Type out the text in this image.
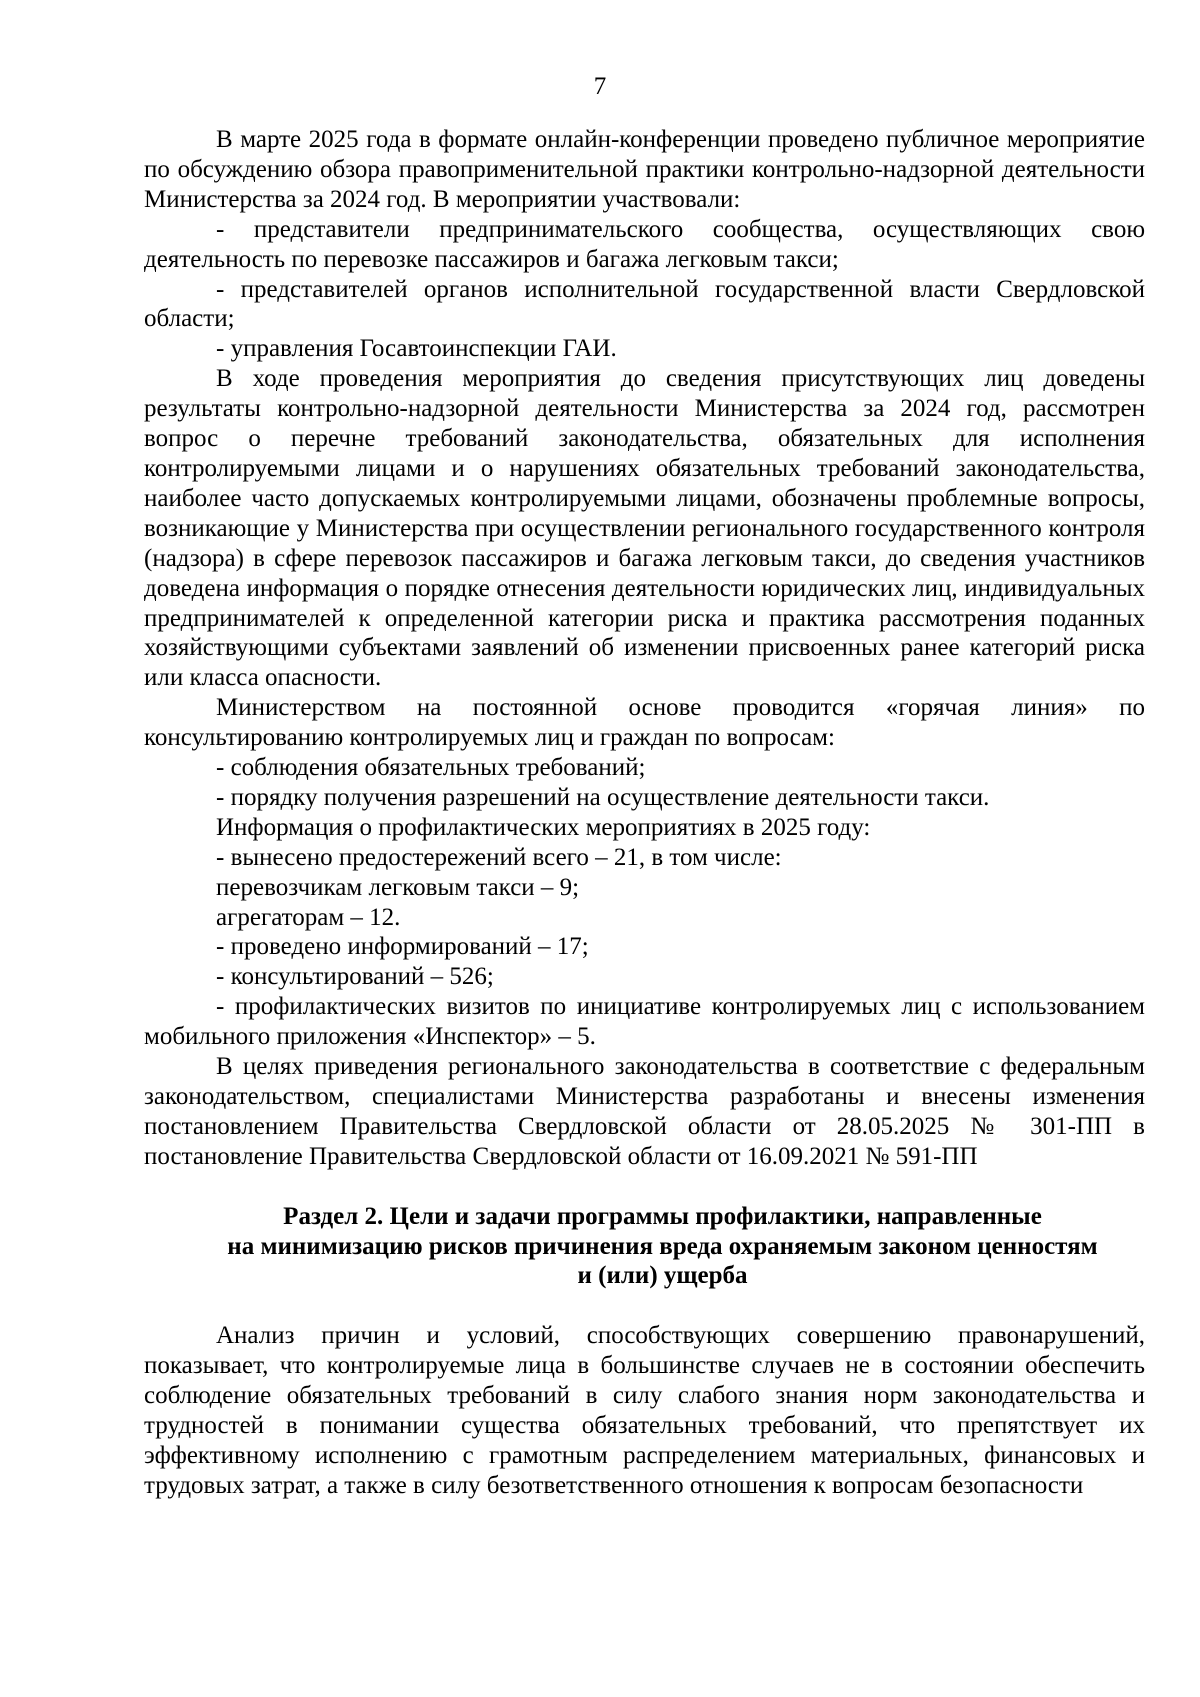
7

В марте 2025 года в формате онлайн-конференции проведено публичное мероприятие по обсуждению обзора правоприменительной практики контрольно-надзорной деятельности Министерства за 2024 год. В мероприятии участвовали:

- представители предпринимательского сообщества, осуществляющих свою деятельность по перевозке пассажиров и багажа легковым такси;

- представителей органов исполнительной государственной власти Свердловской области;

- управления Госавтоинспекции ГАИ.

В ходе проведения мероприятия до сведения присутствующих лиц доведены результаты контрольно-надзорной деятельности Министерства за 2024 год, рассмотрен вопрос о перечне требований законодательства, обязательных для исполнения контролируемыми лицами и о нарушениях обязательных требований законодательства, наиболее часто допускаемых контролируемыми лицами, обозначены проблемные вопросы, возникающие у Министерства при осуществлении регионального государственного контроля (надзора) в сфере перевозок пассажиров и багажа легковым такси, до сведения участников доведена информация о порядке отнесения деятельности юридических лиц, индивидуальных предпринимателей к определенной категории риска и практика рассмотрения поданных хозяйствующими субъектами заявлений об изменении присвоенных ранее категорий риска или класса опасности.

Министерством на постоянной основе проводится «горячая линия» по консультированию контролируемых лиц и граждан по вопросам:

- соблюдения обязательных требований;

- порядку получения разрешений на осуществление деятельности такси.

Информация о профилактических мероприятиях в 2025 году:

- вынесено предостережений всего – 21, в том числе:

перевозчикам легковым такси – 9;

агрегаторам – 12.

- проведено информирований – 17;

- консультирований – 526;

- профилактических визитов по инициативе контролируемых лиц с использованием мобильного приложения «Инспектор» – 5.

В целях приведения регионального законодательства в соответствие с федеральным законодательством, специалистами Министерства разработаны и внесены изменения постановлением Правительства Свердловской области от 28.05.2025 № 301-ПП в постановление Правительства Свердловской области от 16.09.2021 № 591-ПП

Раздел 2. Цели и задачи программы профилактики, направленные

на минимизацию рисков причинения вреда охраняемым законом ценностям

и (или) ущерба

Анализ причин и условий, способствующих совершению правонарушений, показывает, что контролируемые лица в большинстве случаев не в состоянии обеспечить соблюдение обязательных требований в силу слабого знания норм законодательства и трудностей в понимании существа обязательных требований, что препятствует их эффективному исполнению с грамотным распределением материальных, финансовых и трудовых затрат, а также в силу безответственного отношения к вопросам безопасности
